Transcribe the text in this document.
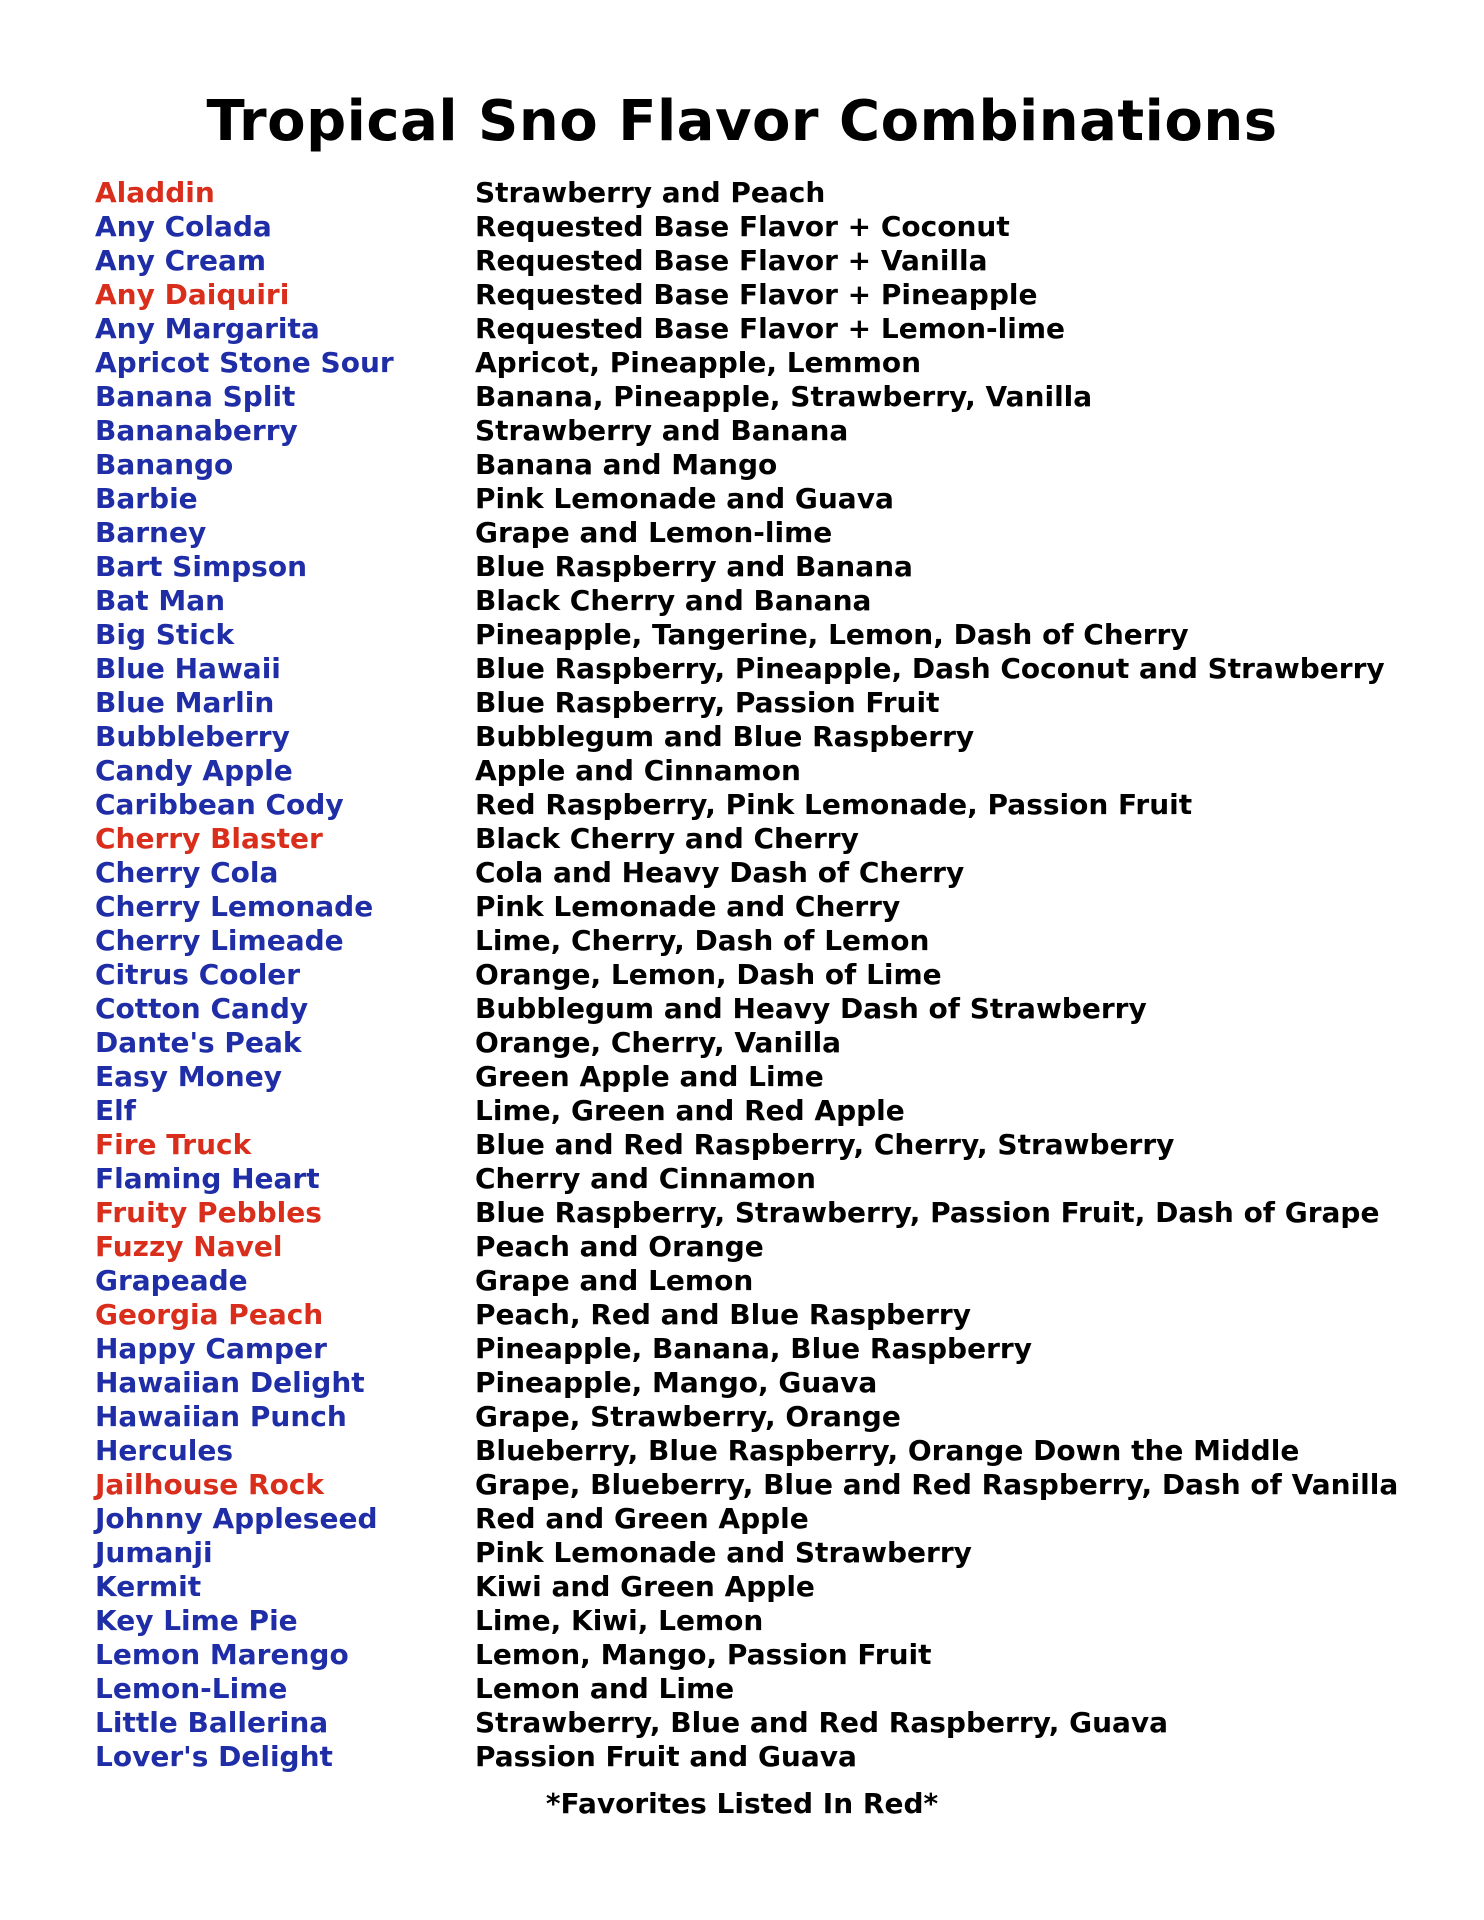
Tropical Sno Flavor Combinations
Aladdin	Strawberry and Peach
Any Colada	Requested Base Flavor + Coconut
Any Cream	Requested Base Flavor + Vanilla
Any Daiquiri	Requested Base Flavor + Pineapple
Any Margarita	Requested Base Flavor + Lemon-lime
Apricot Stone Sour	Apricot, Pineapple, Lemmon
Banana Split	Banana, Pineapple, Strawberry, Vanilla
Bananaberry	Strawberry and Banana
Banango	Banana and Mango
Barbie	Pink Lemonade and Guava
Barney	Grape and Lemon-lime
Bart Simpson	Blue Raspberry and Banana
Bat Man	Black Cherry and Banana
Big Stick	Pineapple, Tangerine, Lemon, Dash of Cherry
Blue Hawaii	Blue Raspberry, Pineapple, Dash Coconut and Strawberry
Blue Marlin	Blue Raspberry, Passion Fruit
Bubbleberry	Bubblegum and Blue Raspberry
Candy Apple	Apple and Cinnamon
Caribbean Cody	Red Raspberry, Pink Lemonade, Passion Fruit
Cherry Blaster	Black Cherry and Cherry
Cherry Cola	Cola and Heavy Dash of Cherry
Cherry Lemonade	Pink Lemonade and Cherry
Cherry Limeade	Lime, Cherry, Dash of Lemon
Citrus Cooler	Orange, Lemon, Dash of Lime
Cotton Candy	Bubblegum and Heavy Dash of Strawberry
Dante's Peak	Orange, Cherry, Vanilla
Easy Money	Green Apple and Lime
Elf	Lime, Green and Red Apple
Fire Truck	Blue and Red Raspberry, Cherry, Strawberry
Flaming Heart	Cherry and Cinnamon
Fruity Pebbles	Blue Raspberry, Strawberry, Passion Fruit, Dash of Grape
Fuzzy Navel	Peach and Orange
Grapeade	Grape and Lemon
Georgia Peach	Peach, Red and Blue Raspberry
Happy Camper	Pineapple, Banana, Blue Raspberry
Hawaiian Delight	Pineapple, Mango, Guava
Hawaiian Punch	Grape, Strawberry, Orange
Hercules	Blueberry, Blue Raspberry, Orange Down the Middle
Jailhouse Rock	Grape, Blueberry, Blue and Red Raspberry, Dash of Vanilla
Johnny Appleseed	Red and Green Apple
Jumanji	Pink Lemonade and Strawberry
Kermit	Kiwi and Green Apple
Key Lime Pie	Lime, Kiwi, Lemon
Lemon Marengo	Lemon, Mango, Passion Fruit
Lemon-Lime	Lemon and Lime
Little Ballerina	Strawberry, Blue and Red Raspberry, Guava
Lover's Delight	Passion Fruit and Guava
*Favorites Listed In Red*
